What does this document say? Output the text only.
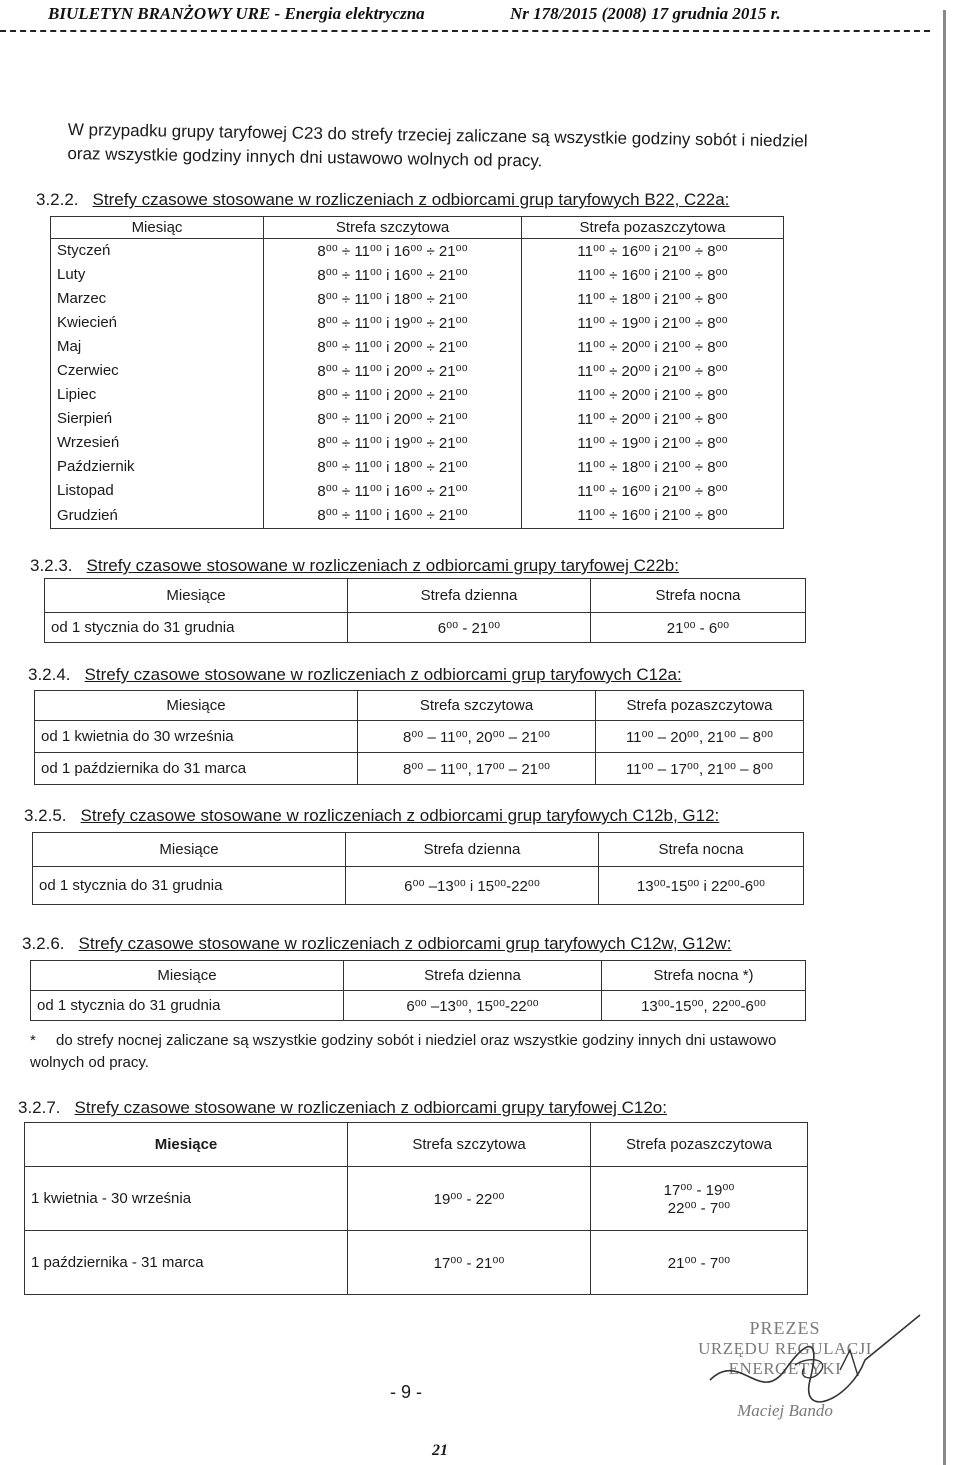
BIULETYN BRANŻOWY URE - Energia elektryczna	Nr 178/2015 (2008) 17 grudnia 2015 r.
W przypadku grupy taryfowej C23 do strefy trzeciej zaliczane są wszystkie godziny sobót i niedziel oraz wszystkie godziny innych dni ustawowo wolnych od pracy.
3.2.2. Strefy czasowe stosowane w rozliczeniach z odbiorcami grup taryfowych B22, C22a:
Miesiąc	Strefa szczytowa	Strefa pozaszczytowa
Styczeń	8⁰⁰ ÷ 11⁰⁰ i 16⁰⁰ ÷ 21⁰⁰	11⁰⁰ ÷ 16⁰⁰ i 21⁰⁰ ÷ 8⁰⁰
Luty	8⁰⁰ ÷ 11⁰⁰ i 16⁰⁰ ÷ 21⁰⁰	11⁰⁰ ÷ 16⁰⁰ i 21⁰⁰ ÷ 8⁰⁰
Marzec	8⁰⁰ ÷ 11⁰⁰ i 18⁰⁰ ÷ 21⁰⁰	11⁰⁰ ÷ 18⁰⁰ i 21⁰⁰ ÷ 8⁰⁰
Kwiecień	8⁰⁰ ÷ 11⁰⁰ i 19⁰⁰ ÷ 21⁰⁰	11⁰⁰ ÷ 19⁰⁰ i 21⁰⁰ ÷ 8⁰⁰
Maj	8⁰⁰ ÷ 11⁰⁰ i 20⁰⁰ ÷ 21⁰⁰	11⁰⁰ ÷ 20⁰⁰ i 21⁰⁰ ÷ 8⁰⁰
Czerwiec	8⁰⁰ ÷ 11⁰⁰ i 20⁰⁰ ÷ 21⁰⁰	11⁰⁰ ÷ 20⁰⁰ i 21⁰⁰ ÷ 8⁰⁰
Lipiec	8⁰⁰ ÷ 11⁰⁰ i 20⁰⁰ ÷ 21⁰⁰	11⁰⁰ ÷ 20⁰⁰ i 21⁰⁰ ÷ 8⁰⁰
Sierpień	8⁰⁰ ÷ 11⁰⁰ i 20⁰⁰ ÷ 21⁰⁰	11⁰⁰ ÷ 20⁰⁰ i 21⁰⁰ ÷ 8⁰⁰
Wrzesień	8⁰⁰ ÷ 11⁰⁰ i 19⁰⁰ ÷ 21⁰⁰	11⁰⁰ ÷ 19⁰⁰ i 21⁰⁰ ÷ 8⁰⁰
Październik	8⁰⁰ ÷ 11⁰⁰ i 18⁰⁰ ÷ 21⁰⁰	11⁰⁰ ÷ 18⁰⁰ i 21⁰⁰ ÷ 8⁰⁰
Listopad	8⁰⁰ ÷ 11⁰⁰ i 16⁰⁰ ÷ 21⁰⁰	11⁰⁰ ÷ 16⁰⁰ i 21⁰⁰ ÷ 8⁰⁰
Grudzień	8⁰⁰ ÷ 11⁰⁰ i 16⁰⁰ ÷ 21⁰⁰	11⁰⁰ ÷ 16⁰⁰ i 21⁰⁰ ÷ 8⁰⁰
3.2.3. Strefy czasowe stosowane w rozliczeniach z odbiorcami grupy taryfowej C22b:
Miesiące	Strefa dzienna	Strefa nocna
od 1 stycznia do 31 grudnia	6⁰⁰ - 21⁰⁰	21⁰⁰ - 6⁰⁰
3.2.4. Strefy czasowe stosowane w rozliczeniach z odbiorcami grup taryfowych C12a:
Miesiące	Strefa szczytowa	Strefa pozaszczytowa
od 1 kwietnia do 30 września	8⁰⁰ – 11⁰⁰, 20⁰⁰ – 21⁰⁰	11⁰⁰ – 20⁰⁰, 21⁰⁰ – 8⁰⁰
od 1 października do 31 marca	8⁰⁰ – 11⁰⁰, 17⁰⁰ – 21⁰⁰	11⁰⁰ – 17⁰⁰, 21⁰⁰ – 8⁰⁰
3.2.5. Strefy czasowe stosowane w rozliczeniach z odbiorcami grup taryfowych C12b, G12:
Miesiące	Strefa dzienna	Strefa nocna
od 1 stycznia do 31 grudnia	6⁰⁰ –13⁰⁰ i 15⁰⁰-22⁰⁰	13⁰⁰-15⁰⁰ i 22⁰⁰-6⁰⁰
3.2.6. Strefy czasowe stosowane w rozliczeniach z odbiorcami grup taryfowych C12w, G12w:
Miesiące	Strefa dzienna	Strefa nocna *)
od 1 stycznia do 31 grudnia	6⁰⁰ –13⁰⁰, 15⁰⁰-22⁰⁰	13⁰⁰-15⁰⁰, 22⁰⁰-6⁰⁰
* do strefy nocnej zaliczane są wszystkie godziny sobót i niedziel oraz wszystkie godziny innych dni ustawowo wolnych od pracy.
3.2.7. Strefy czasowe stosowane w rozliczeniach z odbiorcami grupy taryfowej C12o:
Miesiące	Strefa szczytowa	Strefa pozaszczytowa
1 kwietnia - 30 września	19⁰⁰ - 22⁰⁰	17⁰⁰ - 19⁰⁰
22⁰⁰ - 7⁰⁰

1 października - 31 marca	17⁰⁰ - 21⁰⁰	21⁰⁰ - 7⁰⁰
PREZES
URZĘDU REGULACJI ENERGETYKI
Maciej Bando
- 9 -
21
